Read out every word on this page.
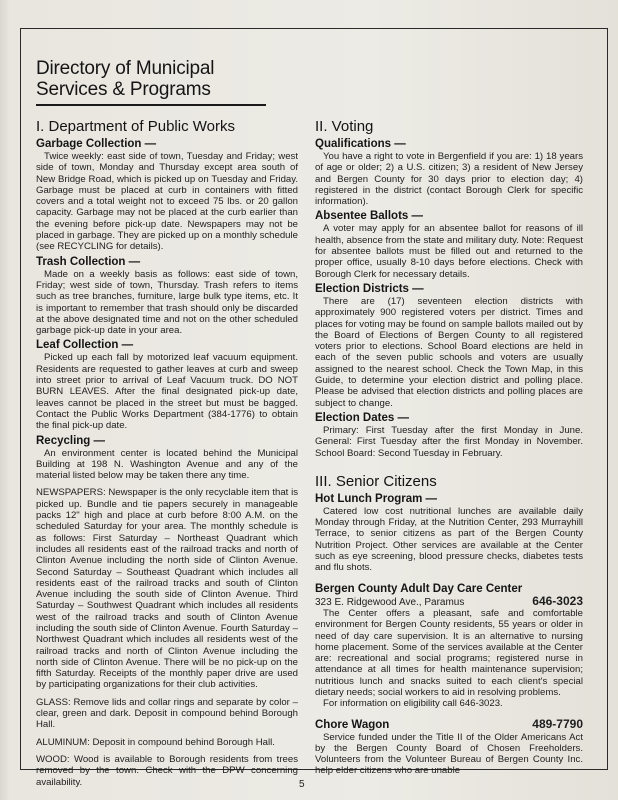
Directory of Municipal
Services & Programs
I. Department of Public Works
Garbage Collection —

Twice weekly: east side of town, Tuesday and Friday; west side of town, Monday and Thursday except area south of New Bridge Road, which is picked up on Tuesday and Friday. Garbage must be placed at curb in containers with fitted covers and a total weight not to exceed 75 lbs. or 20 gallon capacity. Garbage may not be placed at the curb earlier than the evening before pick-up date. Newspapers may not be placed in garbage. They are picked up on a monthly schedule (see RECYCLING for details).

Trash Collection —

Made on a weekly basis as follows: east side of town, Friday; west side of town, Thursday. Trash refers to items such as tree branches, furniture, large bulk type items, etc. It is important to remember that trash should only be discarded at the above designated time and not on the other scheduled garbage pick-up date in your area.

Leaf Collection —

Picked up each fall by motorized leaf vacuum equipment. Residents are requested to gather leaves at curb and sweep into street prior to arrival of Leaf Vacuum truck. DO NOT BURN LEAVES. After the final designated pick-up date, leaves cannot be placed in the street but must be bagged. Contact the Public Works Department (384-1776) to obtain the final pick-up date.

Recycling —

An environment center is located behind the Municipal Building at 198 N. Washington Avenue and any of the material listed below may be taken there any time.

NEWSPAPERS: Newspaper is the only recyclable item that is picked up. Bundle and tie papers securely in manageable packs 12" high and place at curb before 8:00 A.M. on the scheduled Saturday for your area. The monthly schedule is as follows: First Saturday – Northeast Quadrant which includes all residents east of the railroad tracks and north of Clinton Avenue including the north side of Clinton Avenue. Second Saturday – Southeast Quadrant which includes all residents east of the railroad tracks and south of Clinton Avenue including the south side of Clinton Avenue. Third Saturday – Southwest Quadrant which includes all residents west of the railroad tracks and south of Clinton Avenue including the south side of Clinton Avenue. Fourth Saturday – Northwest Quadrant which includes all residents west of the railroad tracks and north of Clinton Avenue including the north side of Clinton Avenue. There will be no pick-up on the fifth Saturday. Receipts of the monthly paper drive are used by participating organizations for their club activities.

GLASS: Remove lids and collar rings and separate by color – clear, green and dark. Deposit in compound behind Borough Hall.

ALUMINUM: Deposit in compound behind Borough Hall.

WOOD: Wood is available to Borough residents from trees removed by the town. Check with the DPW concerning availability.

II. Voting
Qualifications —

You have a right to vote in Bergenfield if you are: 1) 18 years of age or older; 2) a U.S. citizen; 3) a resident of New Jersey and Bergen County for 30 days prior to election day; 4) registered in the district (contact Borough Clerk for specific information).

Absentee Ballots —

A voter may apply for an absentee ballot for reasons of ill health, absence from the state and military duty. Note: Request for absentee ballots must be filled out and returned to the proper office, usually 8-10 days before elections. Check with Borough Clerk for necessary details.

Election Districts —

There are (17) seventeen election districts with approximately 900 registered voters per district. Times and places for voting may be found on sample ballots mailed out by the Board of Elections of Bergen County to all registered voters prior to elections. School Board elections are held in each of the seven public schools and voters are usually assigned to the nearest school. Check the Town Map, in this Guide, to determine your election district and polling place. Please be advised that election districts and polling places are subject to change.

Election Dates —

Primary: First Tuesday after the first Monday in June. General: First Tuesday after the first Monday in November. School Board: Second Tuesday in February.

III. Senior Citizens
Hot Lunch Program —

Catered low cost nutritional lunches are available daily Monday through Friday, at the Nutrition Center, 293 Murrayhill Terrace, to senior citizens as part of the Bergen County Nutrition Project. Other services are available at the Center such as eye screening, blood pressure checks, diabetes tests and flu shots.

Bergen County Adult Day Care Center
323 E. Ridgewood Ave., Paramus	646-3023

The Center offers a pleasant, safe and comfortable environment for Bergen County residents, 55 years or older in need of day care supervision. It is an alternative to nursing home placement. Some of the services available at the Center are: recreational and social programs; registered nurse in attendance at all times for health maintenance supervision; nutritious lunch and snacks suited to each client's special dietary needs; social workers to aid in resolving problems.

For information on eligibility call 646-3023.

Chore Wagon	489-7790

Service funded under the Title II of the Older Americans Act by the Bergen County Board of Chosen Freeholders. Volunteers from the Volunteer Bureau of Bergen County Inc. help elder citizens who are unable

5
